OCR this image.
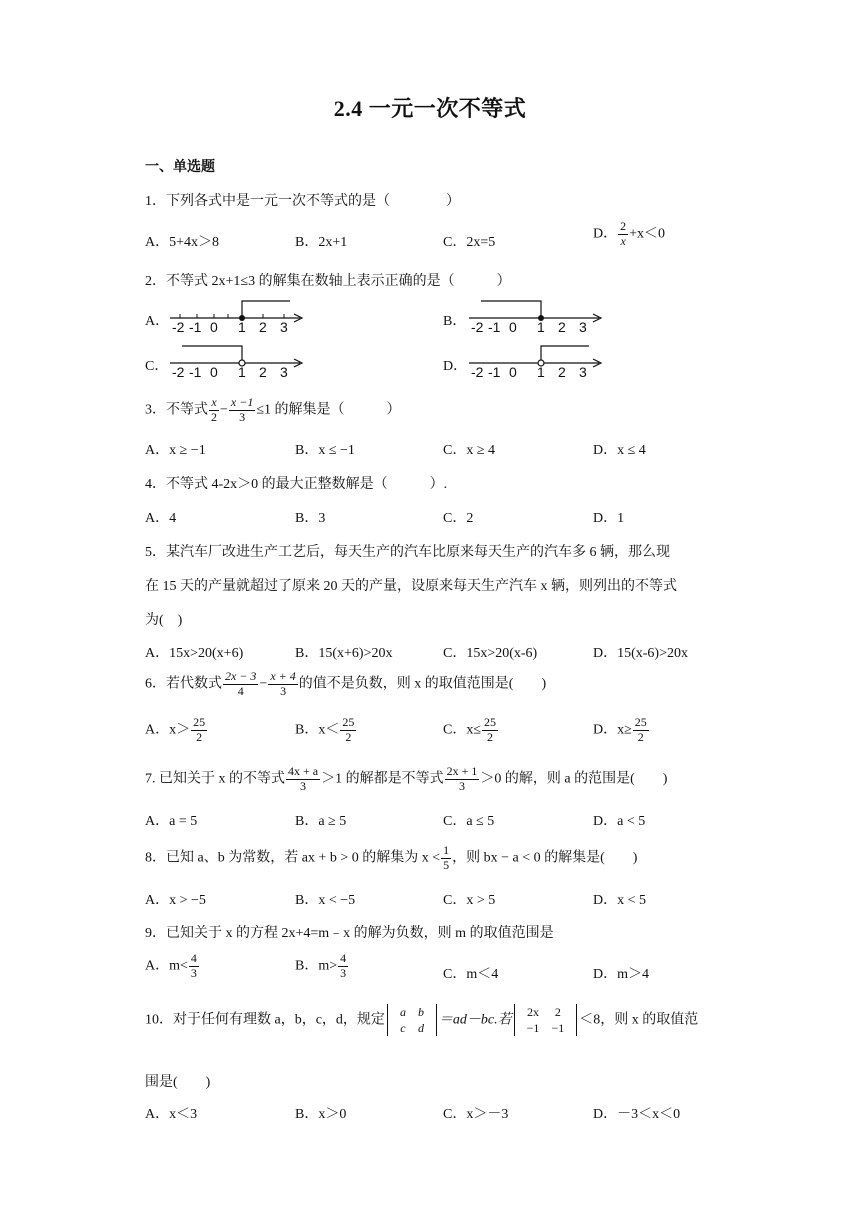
2.4 一元一次不等式
一、单选题
1．下列各式中是一元一次不等式的是（　　　　）
A．5+4x＞8	B．2x+1	C．2x=5
D． $\frac{2}{x} +x<0$
2．不等式 2x+1≤3 的解集在数轴上表示正确的是（　　　）
A．	B．
C．	D．
-2 -1 0 1 2 3	-2 -1 0 1 2 3
-2 -1 0 1 2 3	-2 -1 0 1 2 3
3．不等式 $\frac{x}{2} - \frac{x -1}{3} \le 1$ 的解集是（　　　）
A．x ≥ −1	B．x ≤ −1	C．x ≥ 4	D．x ≤ 4
4．不等式 4-2x＞0 的最大正整数解是（　　　）.
A．4	B．3	C．2	D．1
5．某汽车厂改进生产工艺后，每天生产的汽车比原来每天生产的汽车多 6 辆，那么现
在 15 天的产量就超过了原来 20 天的产量，设原来每天生产汽车 x 辆，则列出的不等式
为(　)
A．15x>20(x+6)	B．15(x+6)>20x	C．15x>20(x-6)	D．15(x-6)>20x
6．若代数式 $\frac{2x - 3}{4} - \frac{x + 4}{3}$ 的值不是负数，则 x 的取值范围是(　　)
A．$x> \frac{25}{2}$	B．$x< \frac{25}{2}$	C．$x\le \frac{25}{2}$	D．$x\ge \frac{25}{2}$
7. 已知关于 x 的不等式 $\frac{4x + a}{3} >1$ 的解都是不等式 $\frac{2x + 1}{3} >0$ 的解，则 a 的范围是(　　)
A．a = 5	B．a ≥ 5	C．a ≤ 5	D．a < 5
8．已知 a、b 为常数，若 ax + b > 0 的解集为 $x < \frac{1}{5}$ ，则 bx − a < 0 的解集是(　　)
A．x > −5	B．x < −5	C．x > 5	D．x < 5
9．已知关于 x 的方程 2x+4=m﹣x 的解为负数，则 m 的取值范围是
A．$m< \frac{4}{3}$	B．$m> \frac{4}{3}$	C．m＜4	D．m＞4
10．对于任何有理数 a，b，c，d，规定
a	b
c	d
＝ad－bc.若
2x	2
−1	−1
＜8，则 x 的取值范
围是(　　)
A．x＜3	B．x＞0	C．x＞－3	D．－3＜x＜0
